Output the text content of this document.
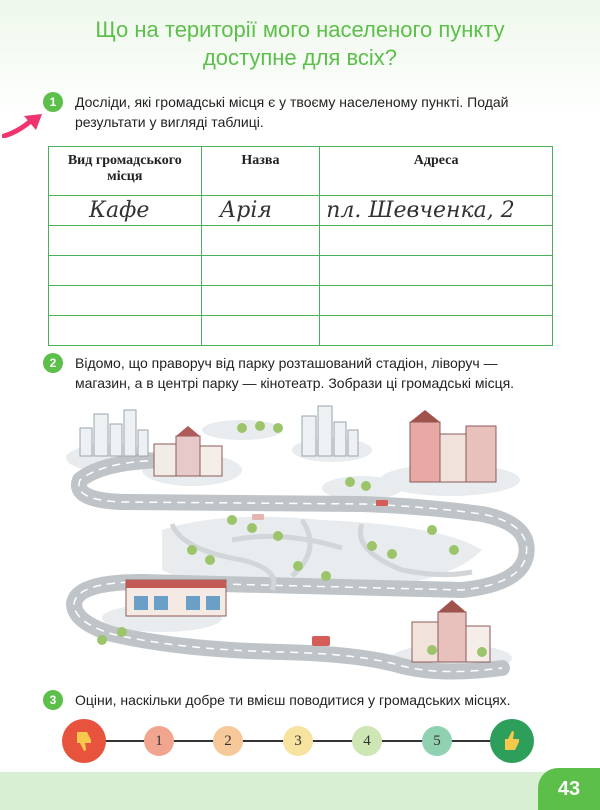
Що на території мого населеного пункту
доступне для всіх?
1	Досліди, які громадські місця є у твоєму населеному пункті. Подай
результати у вигляді таблиці.
Вид громадського
місця	Назва	Адреса
Кафе	Арія	пл. Шевченка, 2

2	Відомо, що праворуч від парку розташований стадіон, ліворуч —
магазин, а в центрі парку — кінотеатр. Зобрази ці громадські місця.
3	Оціни, наскільки добре ти вмієш поводитися у громадських місцях.
1	2	3	4	5
43
